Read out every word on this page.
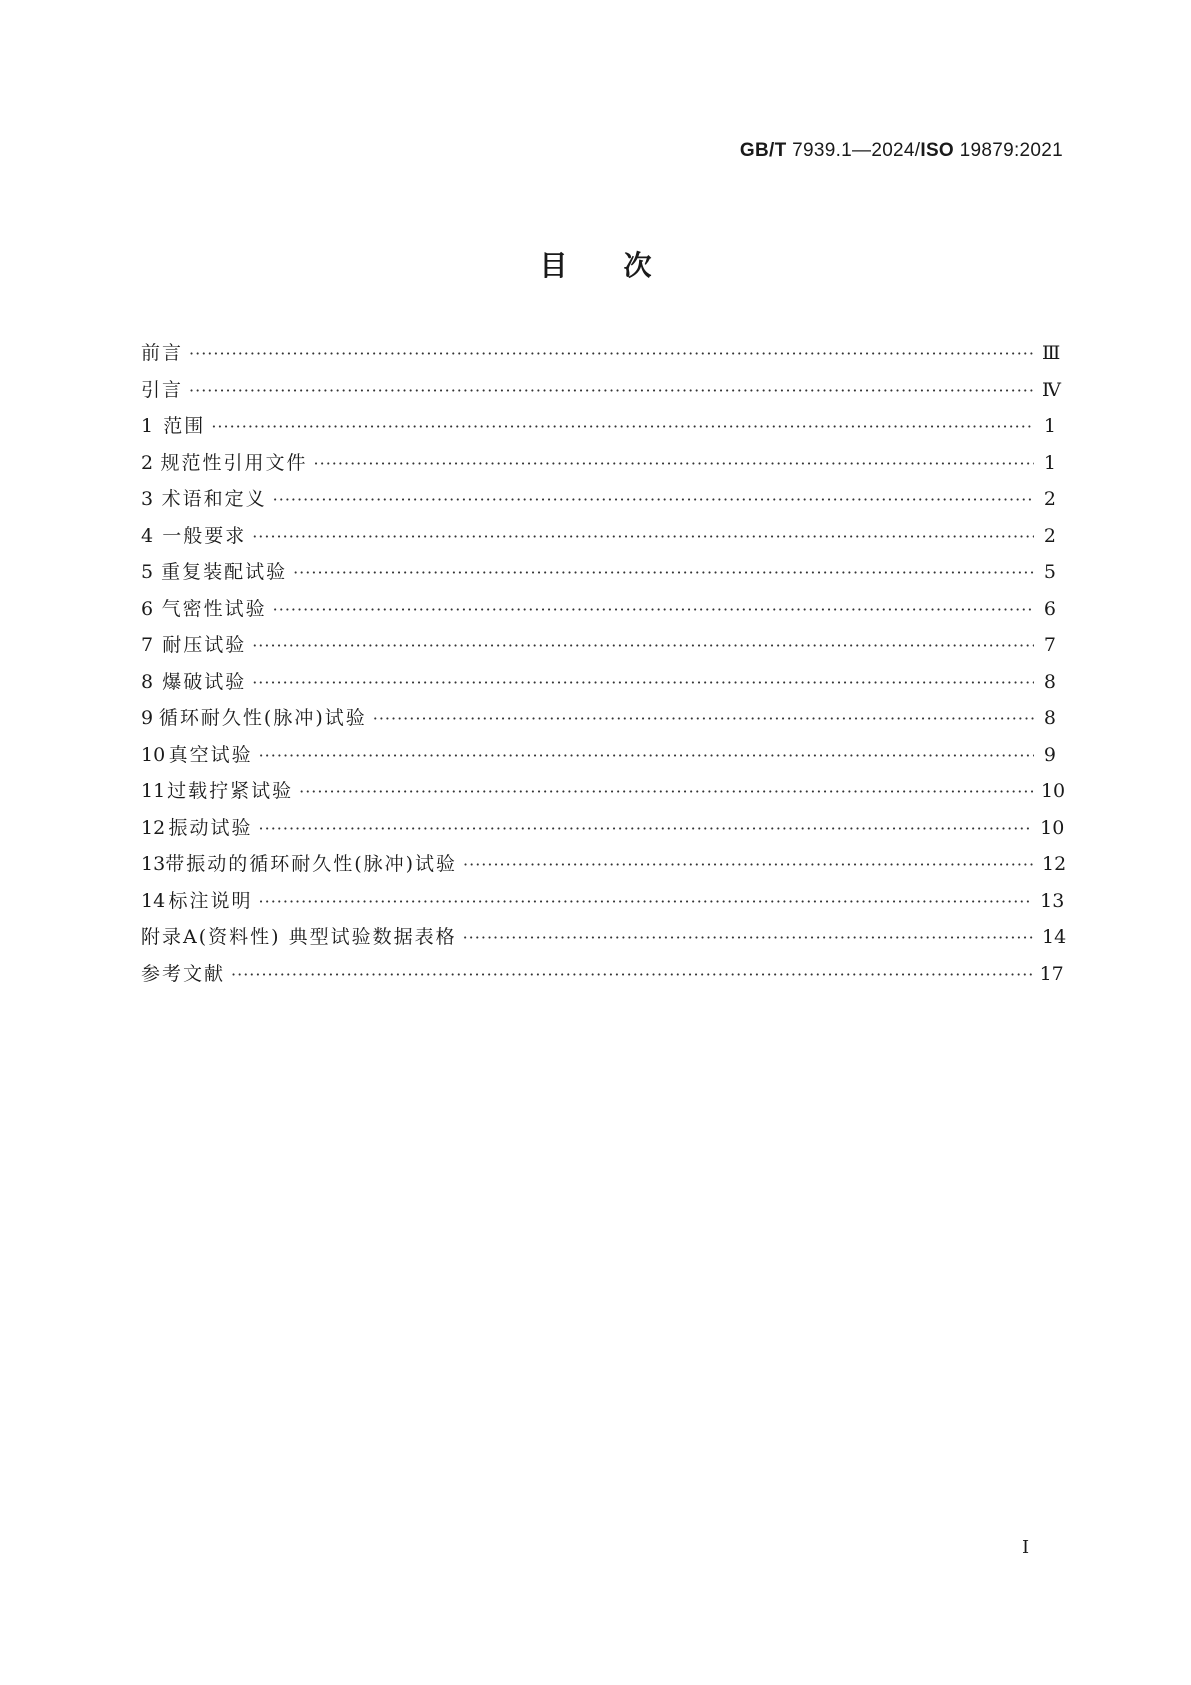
GB/T 7939.1—2024/ISO 19879:2021
目次
前言 ·····	Ⅲ
引言 ·····	Ⅳ
1 范围 ·····	1
2 规范性引用文件 ·····	1
3 术语和定义 ·····	2
4 一般要求 ·····	2
5 重复装配试验 ·····	5
6 气密性试验 ·····	6
7 耐压试验 ·····	7
8 爆破试验 ·····	8
9 循环耐久性(脉冲)试验 ·····	8
10 真空试验 ·····	9
11 过载拧紧试验 ·····	10
12 振动试验 ·····	10
13 带振动的循环耐久性(脉冲)试验 ·····	12
14 标注说明 ·····	13
附录A(资料性) 典型试验数据表格 ·····	14
参考文献 ·····	17
Ⅰ
